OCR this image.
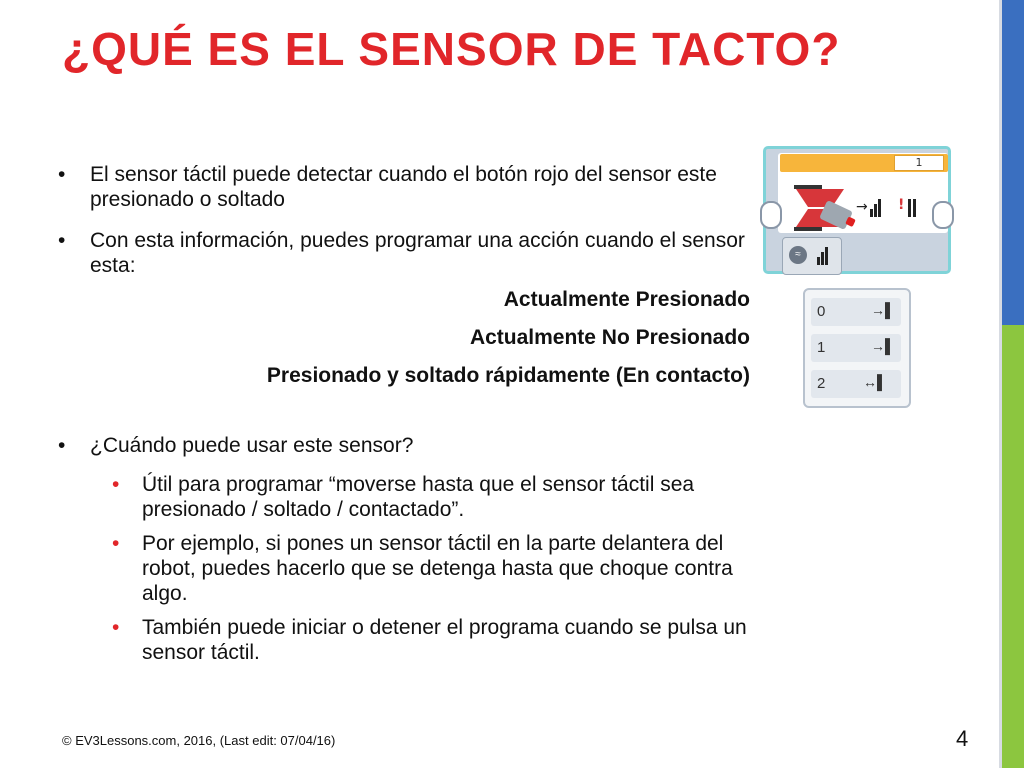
¿QUÉ ES EL SENSOR DE TACTO?
• El sensor táctil puede detectar cuando el botón rojo del sensor este presionado o soltado
• Con esta información, puedes programar una acción cuando el sensor esta:
Actualmente Presionado
Actualmente No Presionado
Presionado y soltado rápidamente (En contacto)
• ¿Cuándo puede usar este sensor?
• Útil para programar “moverse hasta que el sensor táctil sea presionado / soltado / contactado”.
• Por ejemplo, si pones un sensor táctil en la parte delantera del robot, puedes hacerlo que se detenga hasta que choque contra algo.
• También puede iniciar o detener el programa cuando se pulsa un sensor táctil.
1
→ !
≈
0	→▌
1	→▌
2	↔▌
© EV3Lessons.com, 2016, (Last edit: 07/04/16)	4
